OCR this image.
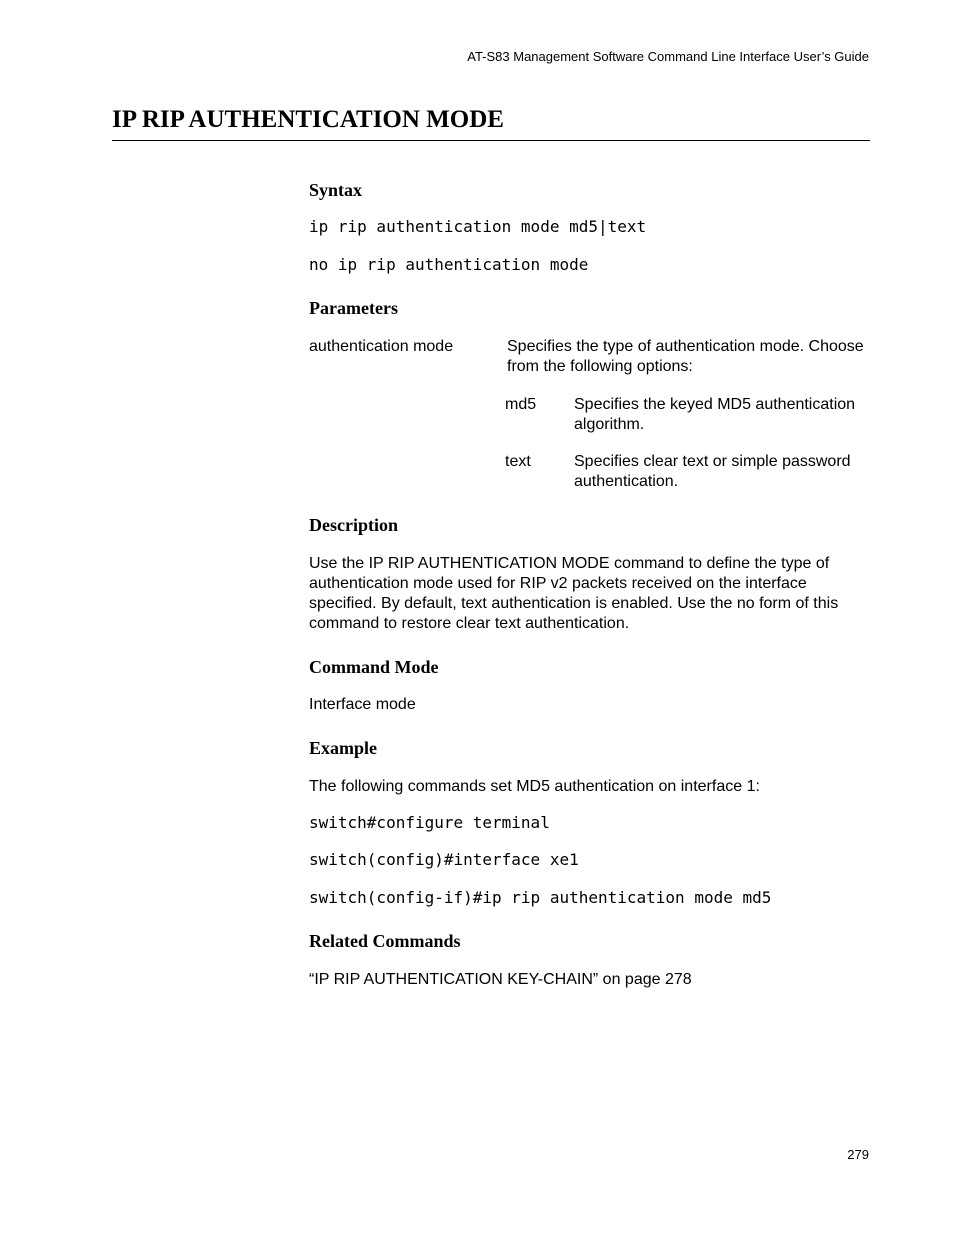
AT-S83 Management Software Command Line Interface User’s Guide
IP RIP AUTHENTICATION MODE
Syntax
ip rip authentication mode md5|text
no ip rip authentication mode
Parameters
authentication mode	Specifies the type of authentication mode. Choose from the following options:
md5 Specifies the keyed MD5 authentication algorithm.
text	Specifies clear text or simple password authentication.
Description
Use the IP RIP AUTHENTICATION MODE command to define the type of authentication mode used for RIP v2 packets received on the interface specified. By default, text authentication is enabled. Use the no form of this command to restore clear text authentication.
Command Mode
Interface mode
Example
The following commands set MD5 authentication on interface 1:
switch#configure terminal
switch(config)#interface xe1
switch(config-if)#ip rip authentication mode md5
Related Commands
“IP RIP AUTHENTICATION KEY-CHAIN” on page 278
279
